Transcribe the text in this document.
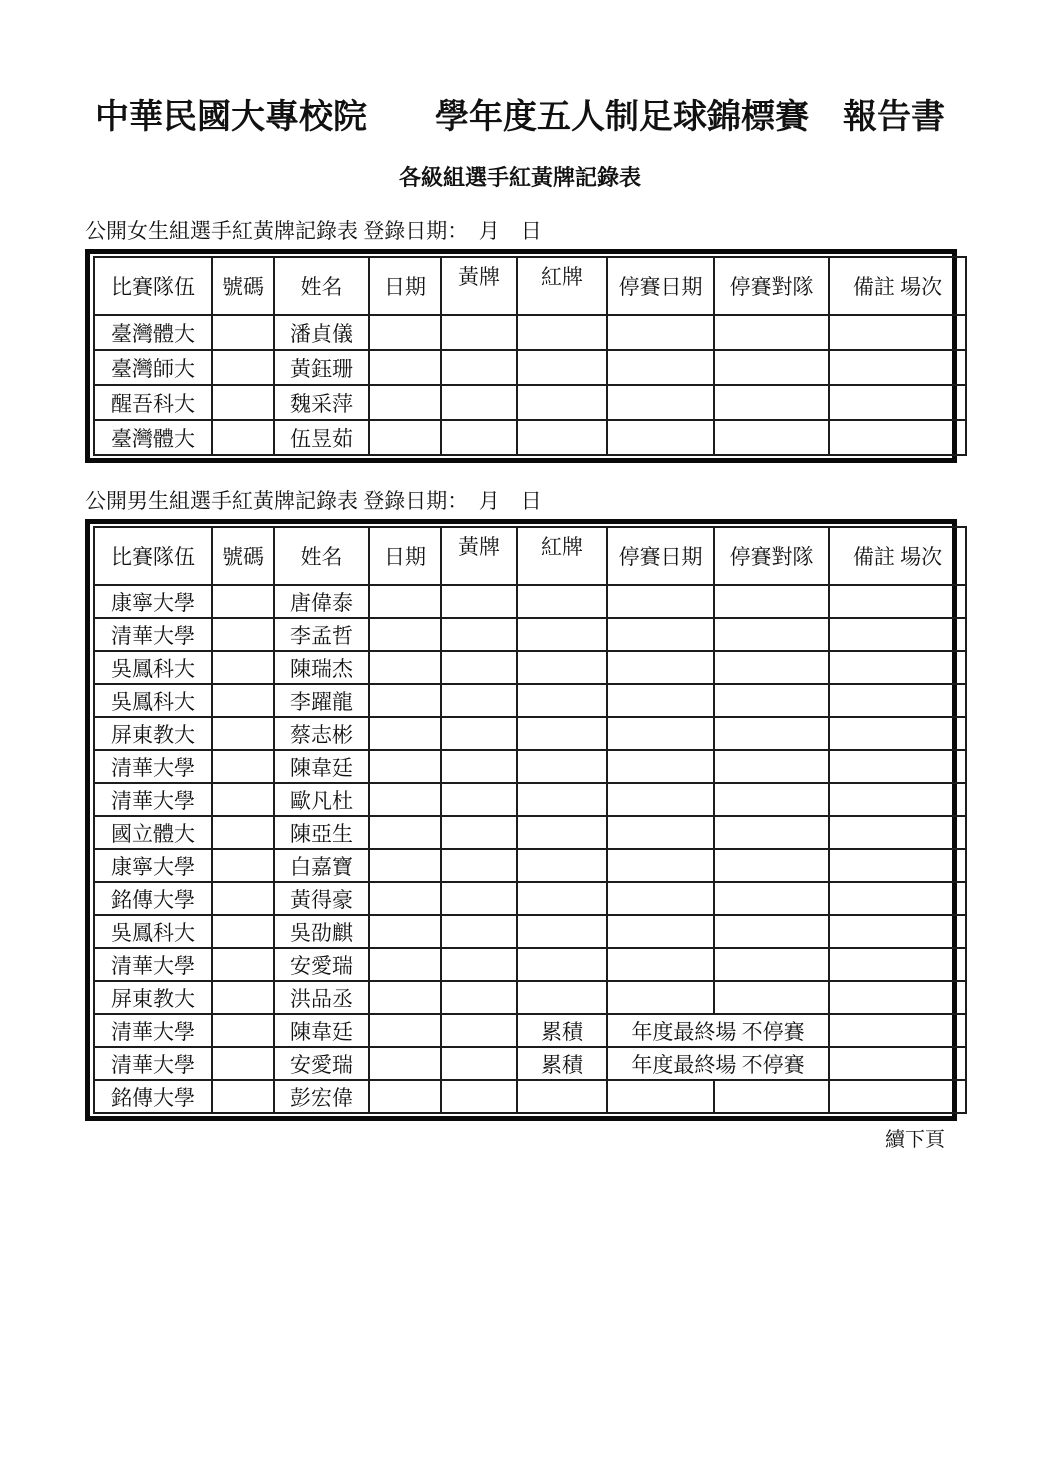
中華民國大專校院　　學年度五人制足球錦標賽　報告書
各級組選手紅黃牌記錄表
公開女生組選手紅黃牌記錄表 登錄日期：　月　日
比賽隊伍	號碼	姓名	日期	黃牌	紅牌	停賽日期	停賽對隊	備註 場次
臺灣體大		潘貞儀						
臺灣師大		黃鈺珊						
醒吾科大		魏采萍						
臺灣體大		伍昱茹						
公開男生組選手紅黃牌記錄表 登錄日期：　月　日
比賽隊伍	號碼	姓名	日期	黃牌	紅牌	停賽日期	停賽對隊	備註 場次
康寧大學		唐偉泰						
清華大學		李孟哲						
吳鳳科大		陳瑞杰						
吳鳳科大		李躍龍						
屏東教大		蔡志彬						
清華大學		陳韋廷						
清華大學		歐凡杜						
國立體大		陳亞生						
康寧大學		白嘉寶						
銘傳大學		黃得豪						
吳鳳科大		吳劭麒						
清華大學		安愛瑞						
屏東教大		洪品丞						
清華大學		陳韋廷			累積	年度最終場 不停賽		
清華大學		安愛瑞			累積	年度最終場 不停賽		
銘傳大學		彭宏偉						
續下頁
